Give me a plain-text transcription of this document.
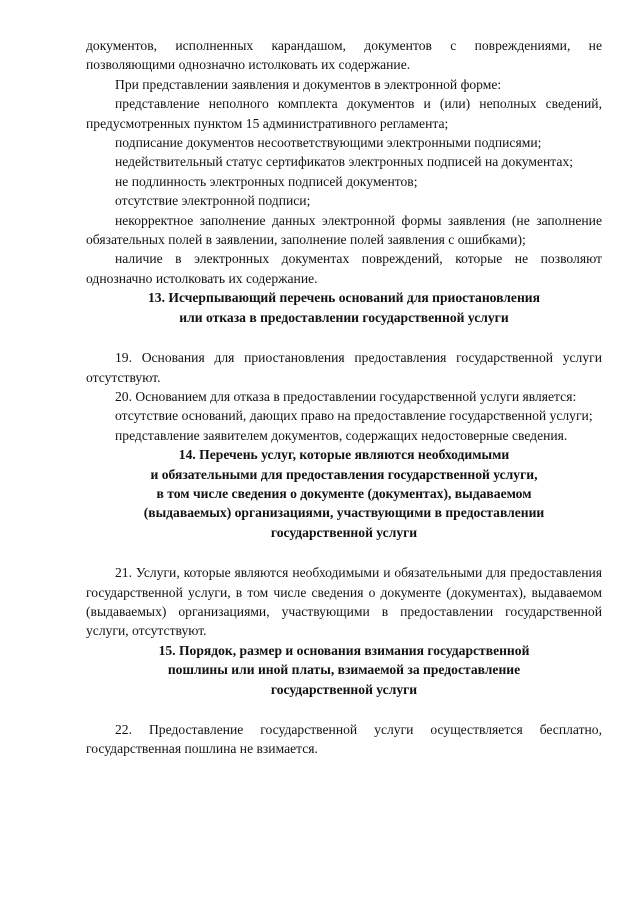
документов, исполненных карандашом, документов с повреждениями, не позволяющими однозначно истолковать их содержание.

При представлении заявления и документов в электронной форме:

представление неполного комплекта документов и (или) неполных сведений, предусмотренных пунктом 15 административного регламента;

подписание документов несоответствующими электронными подписями;

недействительный статус сертификатов электронных подписей на документах;

не подлинность электронных подписей документов;

отсутствие электронной подписи;

некорректное заполнение данных электронной формы заявления (не заполнение обязательных полей в заявлении, заполнение полей заявления с ошибками);

наличие в электронных документах повреждений, которые не позволяют однозначно истолковать их содержание.

13. Исчерпывающий перечень оснований для приостановления
или отказа в предоставлении государственной услуги

19. Основания для приостановления предоставления государственной услуги отсутствуют.

20. Основанием для отказа в предоставлении государственной услуги является:

отсутствие оснований, дающих право на предоставление государственной услуги;

представление заявителем документов, содержащих недостоверные сведения.

14. Перечень услуг, которые являются необходимыми
и обязательными для предоставления государственной услуги,
в том числе сведения о документе (документах), выдаваемом
(выдаваемых) организациями, участвующими в предоставлении
государственной услуги

21. Услуги, которые являются необходимыми и обязательными для предоставления государственной услуги, в том числе сведения о документе (документах), выдаваемом (выдаваемых) организациями, участвующими в предоставлении государственной услуги, отсутствуют.

15. Порядок, размер и основания взимания государственной
пошлины или иной платы, взимаемой за предоставление
государственной услуги

22. Предоставление государственной услуги осуществляется бесплатно, государственная пошлина не взимается.
